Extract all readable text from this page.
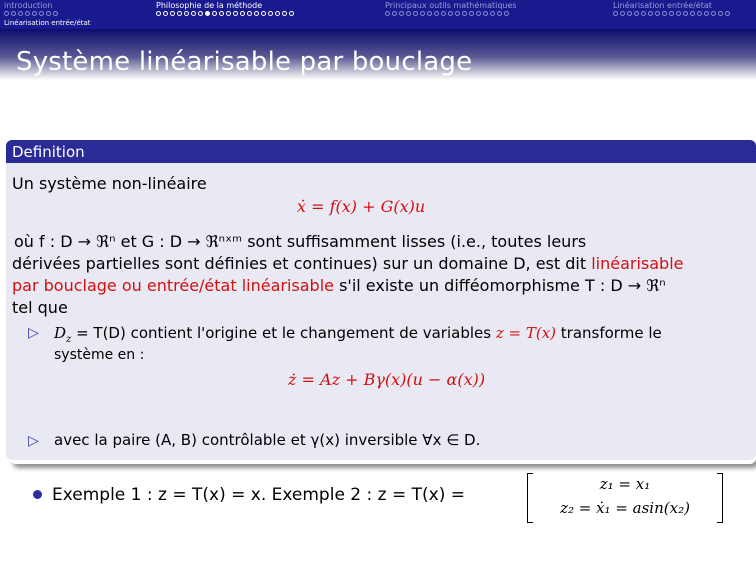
introduction	Philosophie de la méthode	Principaux outils mathématiques	Linéarisation entrée/état
Linéarisation entrée/état
Système linéarisable par bouclage
Definition
Un système non-linéaire
ẋ = f(x) + G(x)u
où f : D → ℜⁿ et G : D → ℜⁿˣᵐ sont suffisamment lisses (i.e., toutes leurs
dérivées partielles sont définies et continues) sur un domaine D, est dit linéarisable
par bouclage ou entrée/état linéarisable s'il existe un difféomorphisme T : D → ℜⁿ
tel que
▷ $D_z = T(D)$ contient l'origine et le changement de variables z = T(x) transforme le
système en :
ż = Az + Bγ(x)(u − α(x))
▷ avec la paire (A, B) contrôlable et γ(x) inversible ∀x ∈ D.
Exemple 1 : z = T(x) = x. Exemple 2 : z = T(x) =
z₁ = x₁
z₂ = ẋ₁ = asin(x₂)
